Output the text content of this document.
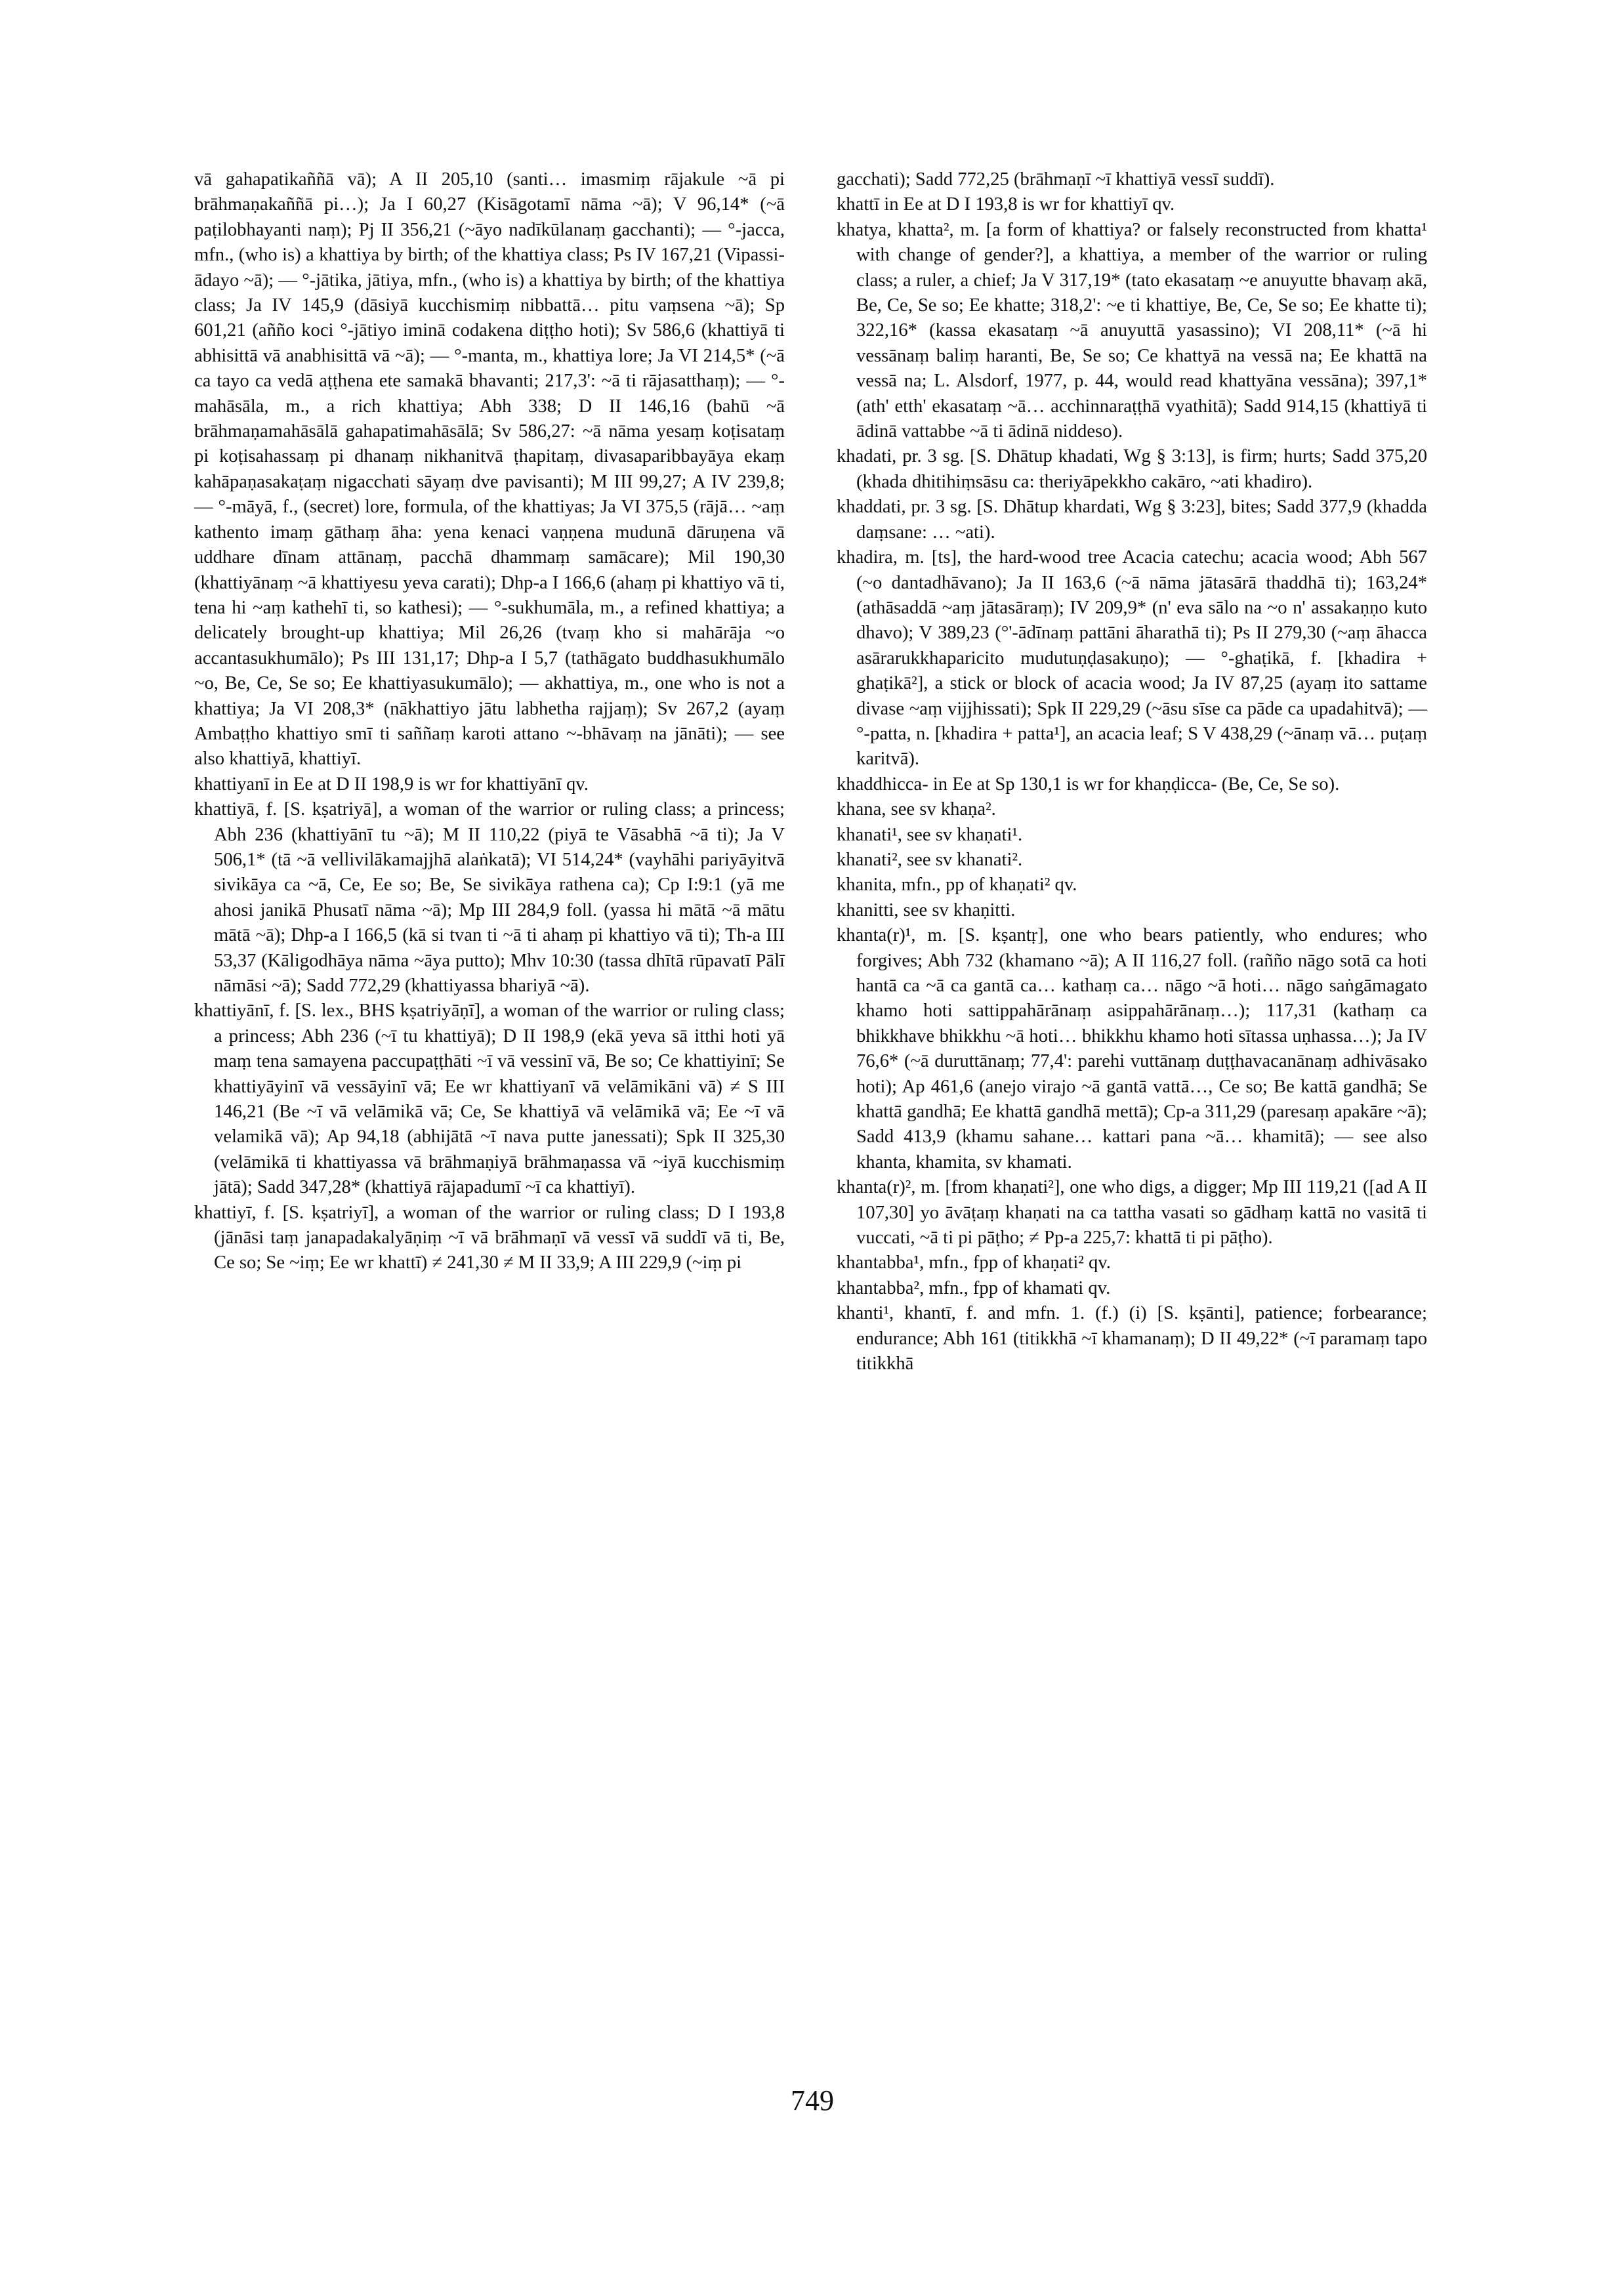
vā gahapatikaññā vā); A II 205,10 (santi… imasmiṃ rājakule ~ā pi brāhmaṇakaññā pi…); Ja I 60,27 (Kisāgotamī nāma ~ā); V 96,14* (~ā paṭilobhayanti naṃ); Pj II 356,21 (~āyo nadīkūlanaṃ gacchanti); — °-jacca, mfn., (who is) a khattiya by birth; of the khattiya class; Ps IV 167,21 (Vipassi-ādayo ~ā); — °-jātika, jātiya, mfn., (who is) a khattiya by birth; of the khattiya class; Ja IV 145,9 (dāsiyā kucchismiṃ nibbattā… pitu vaṃsena ~ā); Sp 601,21 (añño koci °-jātiyo iminā codakena diṭṭho hoti); Sv 586,6 (khattiyā ti abhisittā vā anabhisittā vā ~ā); — °-manta, m., khattiya lore; Ja VI 214,5* (~ā ca tayo ca vedā aṭṭhena ete samakā bhavanti; 217,3': ~ā ti rājasatthaṃ); — °-mahāsāla, m., a rich khattiya; Abh 338; D II 146,16 (bahū ~ā brāhmaṇamahāsālā gahapatimahāsālā; Sv 586,27: ~ā nāma yesaṃ koṭisataṃ pi koṭisahassaṃ pi dhanaṃ nikhanitvā ṭhapitaṃ, divasaparibbayāya ekaṃ kahāpaṇasakaṭaṃ nigacchati sāyaṃ dve pavisanti); M III 99,27; A IV 239,8; — °-māyā, f., (secret) lore, formula, of the khattiyas; Ja VI 375,5 (rājā… ~aṃ kathento imaṃ gāthaṃ āha: yena kenaci vaṇṇena mudunā dāruṇena vā uddhare dīnam attānaṃ, pacchā dhammaṃ samācare); Mil 190,30 (khattiyānaṃ ~ā khattiyesu yeva carati); Dhp-a I 166,6 (ahaṃ pi khattiyo vā ti, tena hi ~aṃ kathehī ti, so kathesi); — °-sukhumāla, m., a refined khattiya; a delicately brought-up khattiya; Mil 26,26 (tvaṃ kho si mahārāja ~o accantasukhumālo); Ps III 131,17; Dhp-a I 5,7 (tathāgato buddhasukhumālo ~o, Be, Ce, Se so; Ee khattiyasukumālo); — akhattiya, m., one who is not a khattiya; Ja VI 208,3* (nākhattiyo jātu labhetha rajjaṃ); Sv 267,2 (ayaṃ Ambaṭṭho khattiyo smī ti saññaṃ karoti attano ~-bhāvaṃ na jānāti); — see also khattiyā, khattiyī.

khattiyanī in Ee at D II 198,9 is wr for khattiyānī qv.

khattiyā, f. [S. kṣatriyā], a woman of the warrior or ruling class; a princess; Abh 236 (khattiyānī tu ~ā); M II 110,22 (piyā te Vāsabhā ~ā ti); Ja V 506,1* (tā ~ā vellivilākamajjhā alaṅkatā); VI 514,24* (vayhāhi pariyāyitvā sivikāya ca ~ā, Ce, Ee so; Be, Se sivikāya rathena ca); Cp I:9:1 (yā me ahosi janikā Phusatī nāma ~ā); Mp III 284,9 foll. (yassa hi mātā ~ā mātu mātā ~ā); Dhp-a I 166,5 (kā si tvan ti ~ā ti ahaṃ pi khattiyo vā ti); Th-a III 53,37 (Kāligodhāya nāma ~āya putto); Mhv 10:30 (tassa dhītā rūpavatī Pālī nāmāsi ~ā); Sadd 772,29 (khattiyassa bhariyā ~ā).

khattiyānī, f. [S. lex., BHS kṣatriyāṇī], a woman of the warrior or ruling class; a princess; Abh 236 (~ī tu khattiyā); D II 198,9 (ekā yeva sā itthi hoti yā maṃ tena samayena paccupaṭṭhāti ~ī vā vessinī vā, Be so; Ce khattiyinī; Se khattiyāyinī vā vessāyinī vā; Ee wr khattiyanī vā velāmikāni vā) ≠ S III 146,21 (Be ~ī vā velāmikā vā; Ce, Se khattiyā vā velāmikā vā; Ee ~ī vā velamikā vā); Ap 94,18 (abhijātā ~ī nava putte janessati); Spk II 325,30 (velāmikā ti khattiyassa vā brāhmaṇiyā brāhmaṇassa vā ~iyā kucchismiṃ jātā); Sadd 347,28* (khattiyā rājapadumī ~ī ca khattiyī).

khattiyī, f. [S. kṣatriyī], a woman of the warrior or ruling class; D I 193,8 (jānāsi taṃ janapadakalyāṇiṃ ~ī vā brāhmaṇī vā vessī vā suddī vā ti, Be, Ce so; Se ~iṃ; Ee wr khattī) ≠ 241,30 ≠ M II 33,9; A III 229,9 (~iṃ pi

gacchati); Sadd 772,25 (brāhmaṇī ~ī khattiyā vessī suddī).

khattī in Ee at D I 193,8 is wr for khattiyī qv.

khatya, khatta², m. [a form of khattiya? or falsely reconstructed from khatta¹ with change of gender?], a khattiya, a member of the warrior or ruling class; a ruler, a chief; Ja V 317,19* (tato ekasataṃ ~e anuyutte bhavaṃ akā, Be, Ce, Se so; Ee khatte; 318,2': ~e ti khattiye, Be, Ce, Se so; Ee khatte ti); 322,16* (kassa ekasataṃ ~ā anuyuttā yasassino); VI 208,11* (~ā hi vessānaṃ baliṃ haranti, Be, Se so; Ce khattyā na vessā na; Ee khattā na vessā na; L. Alsdorf, 1977, p. 44, would read khattyāna vessāna); 397,1* (ath' etth' ekasataṃ ~ā… acchinnaraṭṭhā vyathitā); Sadd 914,15 (khattiyā ti ādinā vattabbe ~ā ti ādinā niddeso).

khadati, pr. 3 sg. [S. Dhātup khadati, Wg § 3:13], is firm; hurts; Sadd 375,20 (khada dhitihiṃsāsu ca: theriyāpekkho cakāro, ~ati khadiro).

khaddati, pr. 3 sg. [S. Dhātup khardati, Wg § 3:23], bites; Sadd 377,9 (khadda daṃsane: … ~ati).

khadira, m. [ts], the hard-wood tree Acacia catechu; acacia wood; Abh 567 (~o dantadhāvano); Ja II 163,6 (~ā nāma jātasārā thaddhā ti); 163,24* (athāsaddā ~aṃ jātasāraṃ); IV 209,9* (n' eva sālo na ~o n' assakaṇṇo kuto dhavo); V 389,23 (°'-ādīnaṃ pattāni āharathā ti); Ps II 279,30 (~aṃ āhacca asārarukkhaparicito mudutuṇḍasakuṇo); — °-ghaṭikā, f. [khadira + ghaṭikā²], a stick or block of acacia wood; Ja IV 87,25 (ayaṃ ito sattame divase ~aṃ vijjhissati); Spk II 229,29 (~āsu sīse ca pāde ca upadahitvā); — °-patta, n. [khadira + patta¹], an acacia leaf; S V 438,29 (~ānaṃ vā… puṭaṃ karitvā).

khaddhicca- in Ee at Sp 130,1 is wr for khaṇḍicca- (Be, Ce, Se so).

khana, see sv khaṇa².

khanati¹, see sv khaṇati¹.

khanati², see sv khanati².

khanita, mfn., pp of khaṇati² qv.

khanitti, see sv khaṇitti.

khanta(r)¹, m. [S. kṣantṛ], one who bears patiently, who endures; who forgives; Abh 732 (khamano ~ā); A II 116,27 foll. (rañño nāgo sotā ca hoti hantā ca ~ā ca gantā ca… kathaṃ ca… nāgo ~ā hoti… nāgo saṅgāmagato khamo hoti sattippahārānaṃ asippahārānaṃ…); 117,31 (kathaṃ ca bhikkhave bhikkhu ~ā hoti… bhikkhu khamo hoti sītassa uṇhassa…); Ja IV 76,6* (~ā duruttānaṃ; 77,4': parehi vuttānaṃ duṭṭhavacanānaṃ adhivāsako hoti); Ap 461,6 (anejo virajo ~ā gantā vattā…, Ce so; Be kattā gandhā; Se khattā gandhā; Ee khattā gandhā mettā); Cp-a 311,29 (paresaṃ apakāre ~ā); Sadd 413,9 (khamu sahane… kattari pana ~ā… khamitā); — see also khanta, khamita, sv khamati.

khanta(r)², m. [from khaṇati²], one who digs, a digger; Mp III 119,21 ([ad A II 107,30] yo āvāṭaṃ khaṇati na ca tattha vasati so gādhaṃ kattā no vasitā ti vuccati, ~ā ti pi pāṭho; ≠ Pp-a 225,7: khattā ti pi pāṭho).

khantabba¹, mfn., fpp of khaṇati² qv.

khantabba², mfn., fpp of khamati qv.

khanti¹, khantī, f. and mfn. 1. (f.) (i) [S. kṣānti], patience; forbearance; endurance; Abh 161 (titikkhā ~ī khamanaṃ); D II 49,22* (~ī paramaṃ tapo titikkhā

749
